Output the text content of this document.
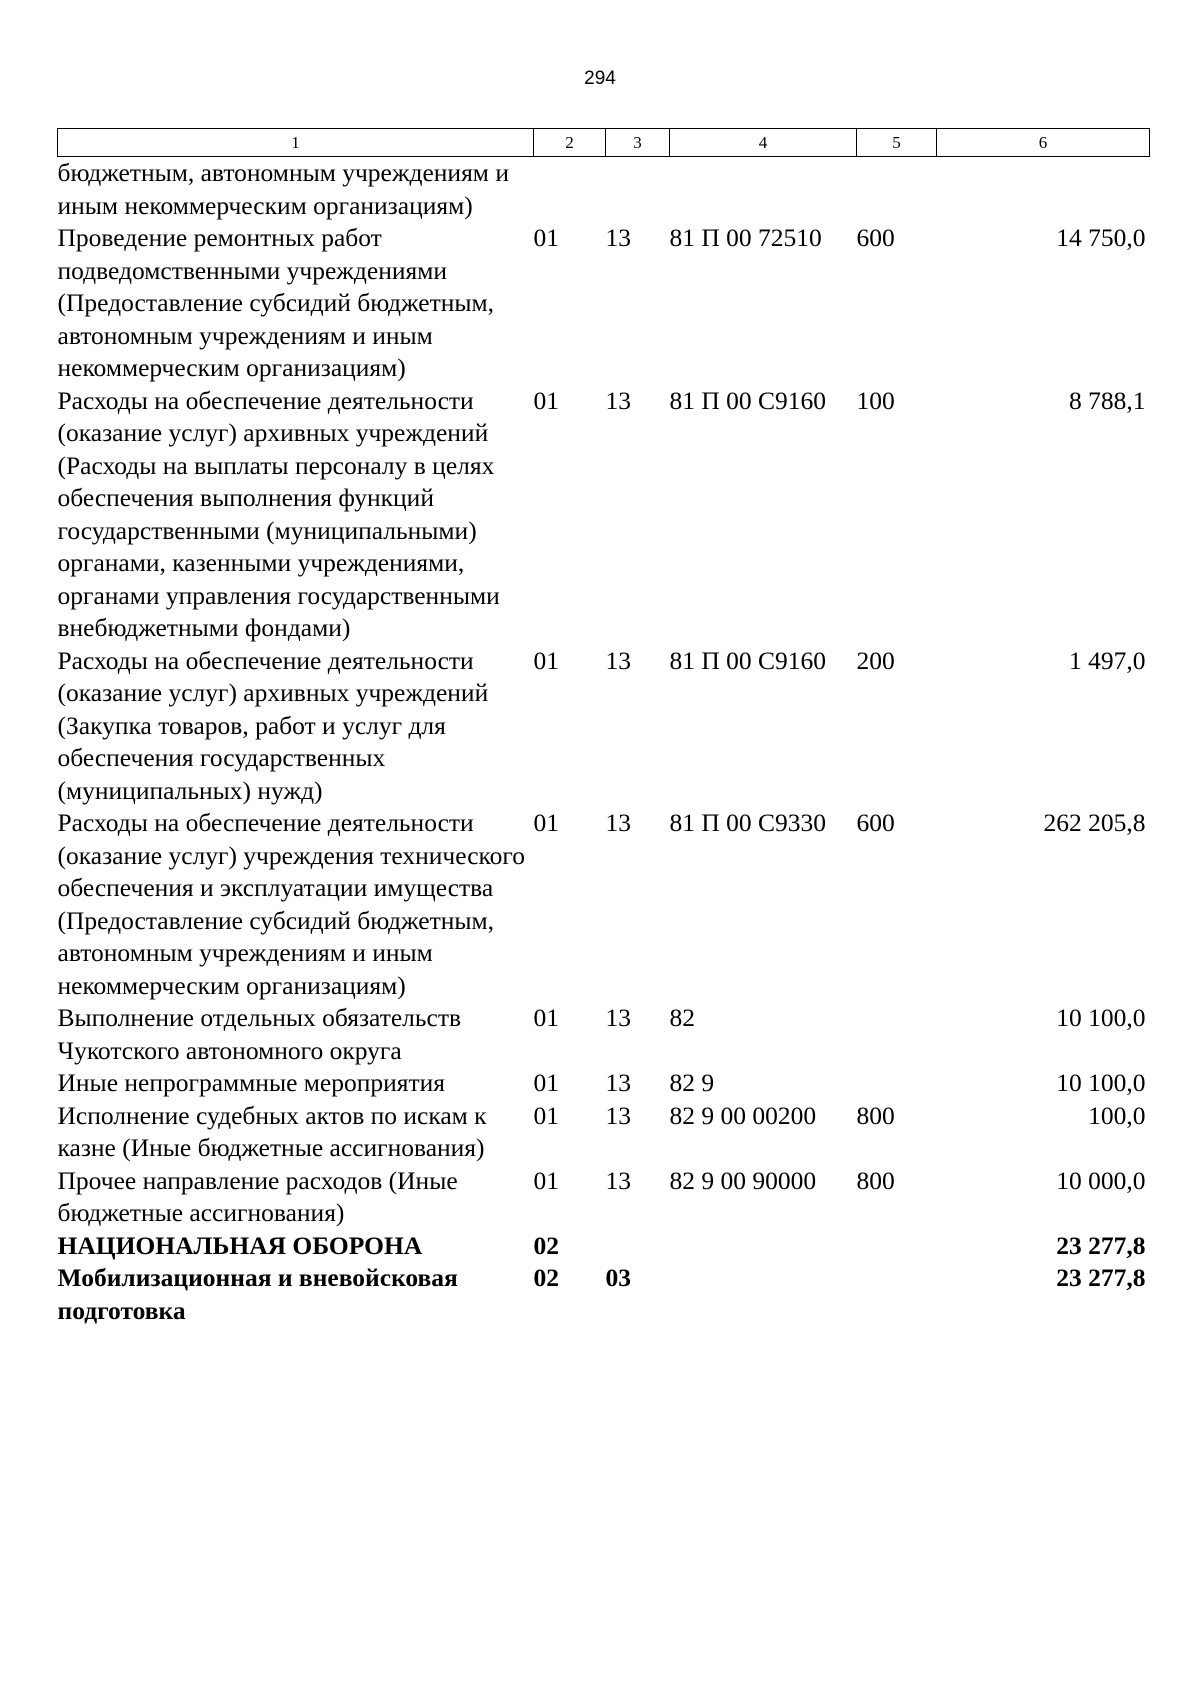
294
1	2	3	4	5	6
бюджетным, автономным учреждениям и иным некоммерческим организациям)					
Проведение ремонтных работ подведомственными учреждениями (Предоставление субсидий бюджетным, автономным учреждениям и иным некоммерческим организациям)	01	13	81 П 00 72510	600	14 750,0
Расходы на обеспечение деятельности (оказание услуг) архивных учреждений (Расходы на выплаты персоналу в целях обеспечения выполнения функций государственными (муниципальными) органами, казенными учреждениями, органами управления государственными внебюджетными фондами)	01	13	81 П 00 С9160	100	8 788,1
Расходы на обеспечение деятельности (оказание услуг) архивных учреждений (Закупка товаров, работ и услуг для обеспечения государственных (муниципальных) нужд)	01	13	81 П 00 С9160	200	1 497,0
Расходы на обеспечение деятельности (оказание услуг) учреждения технического обеспечения и эксплуатации имущества (Предоставление субсидий бюджетным, автономным учреждениям и иным некоммерческим организациям)	01	13	81 П 00 С9330	600	262 205,8
Выполнение отдельных обязательств Чукотского автономного округа	01	13	82		10 100,0
Иные непрограммные мероприятия	01	13	82 9		10 100,0
Исполнение судебных актов по искам к казне (Иные бюджетные ассигнования)	01	13	82 9 00 00200	800	100,0
Прочее направление расходов (Иные бюджетные ассигнования)	01	13	82 9 00 90000	800	10 000,0
НАЦИОНАЛЬНАЯ ОБОРОНА	02				23 277,8
Мобилизационная и вневойсковая подготовка	02	03			23 277,8
